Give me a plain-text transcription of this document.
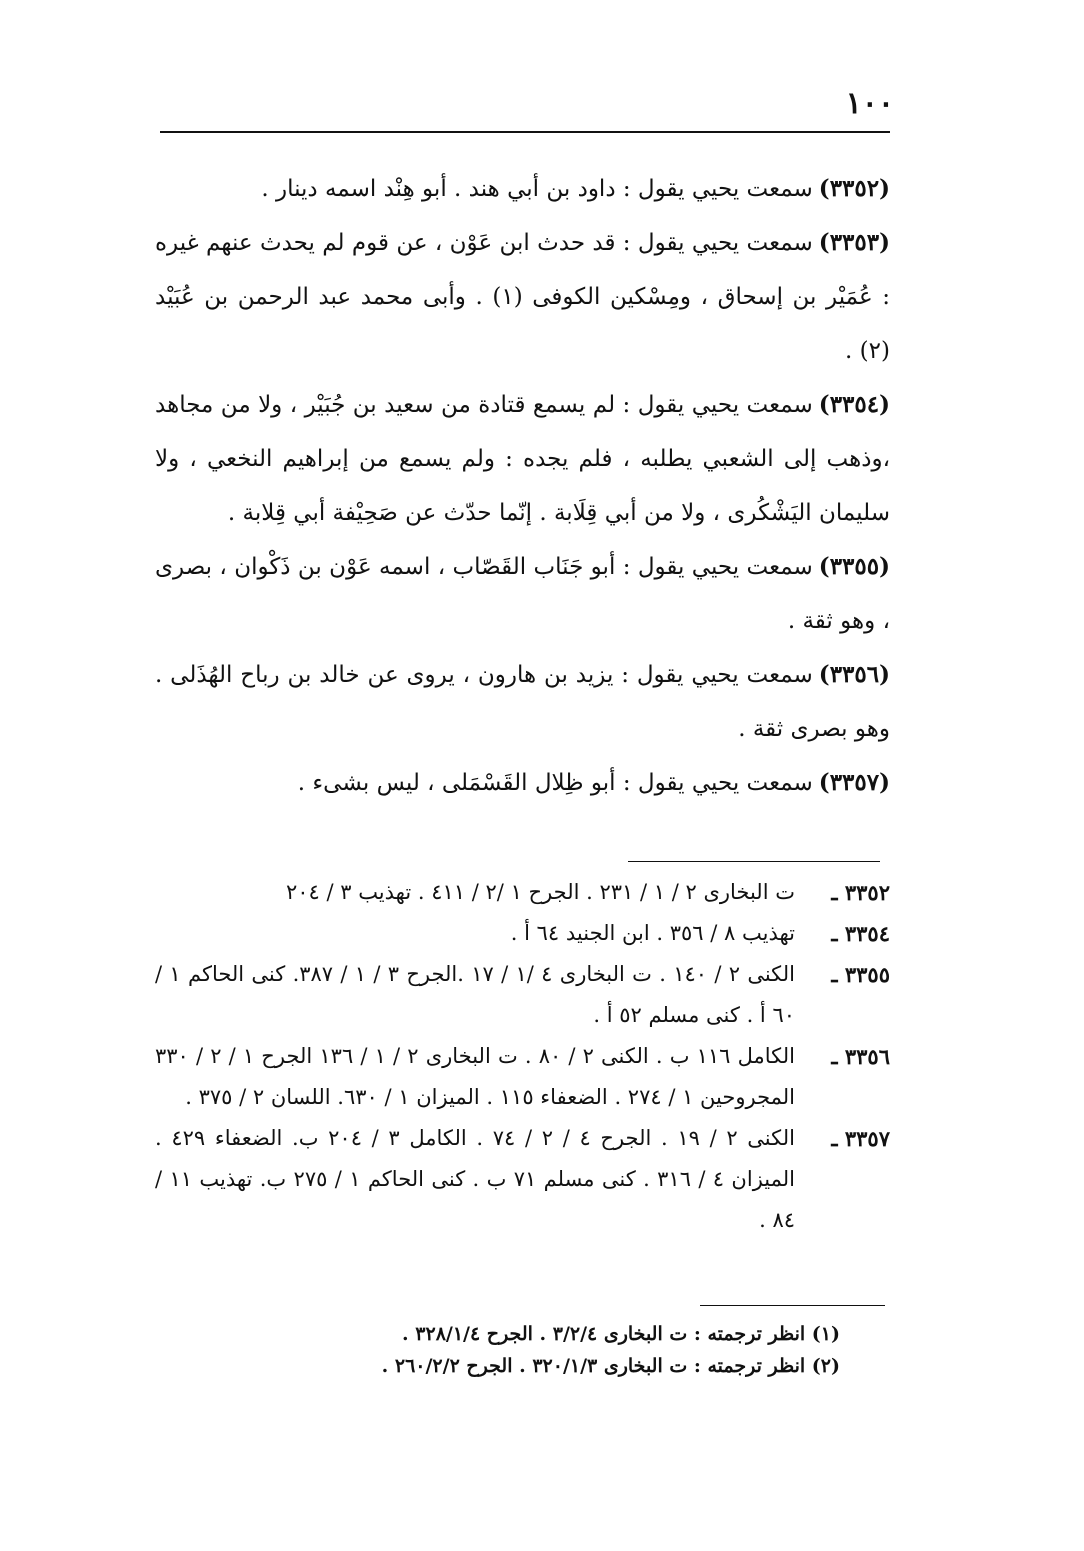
١٠٠

(٣٣٥٢)سمعت يحيي يقول : داود بن أبي هند . أبو هِنْد اسمه دينار .

(٣٣٥٣)سمعت يحيي يقول : قد حدث ابن عَوْن ، عن قوم لم يحدث عنهم غيره : عُمَيْر بن إسحاق ، ومِسْكين الكوفى (١) . وأبى محمد عبد الرحمن بن عُبَيْد (٢) .

(٣٣٥٤)سمعت يحيي يقول : لم يسمع قتادة من سعيد بن جُبَيْر ، ولا من مجاهد ،وذهب إلى الشعبي يطلبه ، فلم يجده : ولم يسمع من إبراهيم النخعي ، ولا سليمان اليَشْكُرى ، ولا من أبي قِلَابة . إنّما حدّث عن صَحِيْفة أبي قِلابة .

(٣٣٥٥)سمعت يحيي يقول : أبو جَنَاب القَصّاب ، اسمه عَوْن بن ذَكْوان ، بصرى ، وهو ثقة .

(٣٣٥٦)سمعت يحيي يقول : يزيد بن هارون ، يروى عن خالد بن رباح الهُذَلى . وهو بصرى ثقة .

(٣٣٥٧)سمعت يحيي يقول : أبو ظِلال القَسْمَلى ، ليس بشىء .

٣٣٥٢ ـ
ت البخارى ٢ / ١ / ٢٣١ . الجرح ١ /٢ / ٤١١ . تهذيب ٣ / ٢٠٤
٣٣٥٤ ـ
تهذيب ٨ / ٣٥٦ . ابن الجنيد ٦٤ أ .
٣٣٥٥ ـ
الكنى ٢ / ١٤٠ . ت البخارى ٤ /١ / ١٧ .الجرح ٣ / ١ / ٣٨٧. كنى الحاكم ١ / ٦٠ أ . كنى مسلم ٥٢ أ .
٣٣٥٦ ـ
الكامل ١١٦ ب . الكنى ٢ / ٨٠ . ت البخارى ٢ / ١ / ١٣٦ الجرح ١ / ٢ / ٣٣٠ المجروحين ١ / ٢٧٤ . الضعفاء ١١٥ . الميزان ١ / ٦٣٠. اللسان ٢ / ٣٧٥ .
٣٣٥٧ ـ
الكنى ٢ / ١٩ . الجرح ٤ / ٢ / ٧٤ . الكامل ٣ / ٢٠٤ ب. الضعفاء ٤٢٩ . الميزان ٤ / ٣١٦ . كنى مسلم ٧١ ب . كنى الحاكم ١ / ٢٧٥ ب. تهذيب ١١ / ٨٤ .

(١) انظر ترجمته : ت البخارى ٣/٢/٤ . الجرح ٣٢٨/١/٤ .

(٢) انظر ترجمته : ت البخارى ٣٢٠/١/٣ . الجرح ٢٦٠/٢/٢ .
